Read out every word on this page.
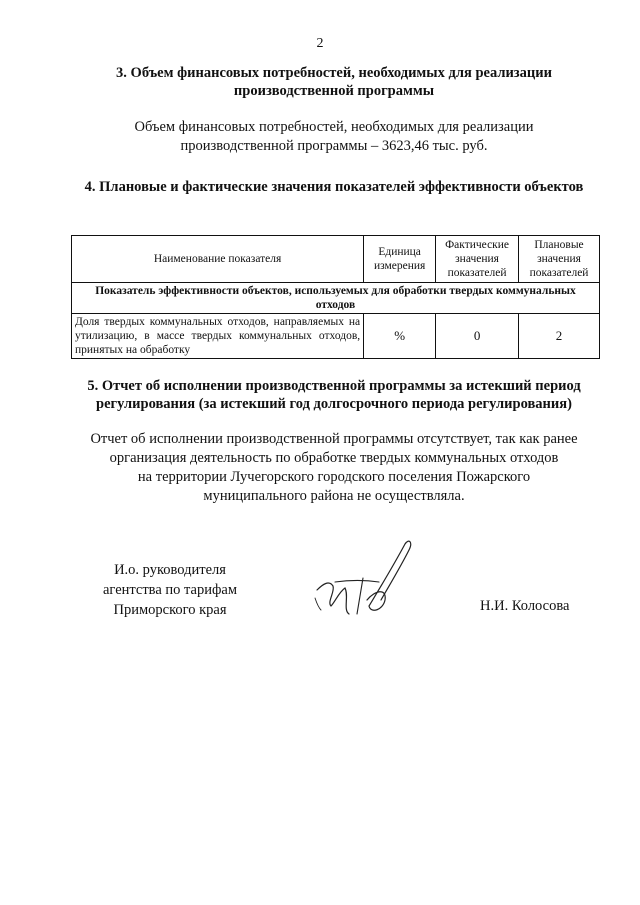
2
3. Объем финансовых потребностей, необходимых для реализации производственной программы
Объем финансовых потребностей, необходимых для реализации
производственной программы – 3623,46 тыс. руб.
4. Плановые и фактические значения показателей эффективности объектов
Наименование показателя	Единица измерения	Фактические значения показателей	Плановые значения показателей
Показатель эффективности объектов, используемых для обработки твердых коммунальных отходов			
Доля твердых коммунальных отходов, направляемых на утилизацию, в массе твердых коммунальных отходов, принятых на обработку	%	0	2
5. Отчет об исполнении производственной программы за истекший период регулирования (за истекший год долгосрочного периода регулирования)
Отчет об исполнении производственной программы отсутствует, так как ранее
организация деятельность по обработке твердых коммунальных отходов
на территории Лучегорского городского поселения Пожарского
муниципального района не осуществляла.
И.о. руководителя
агентства по тарифам
Приморского края	Н.И. Колосова
